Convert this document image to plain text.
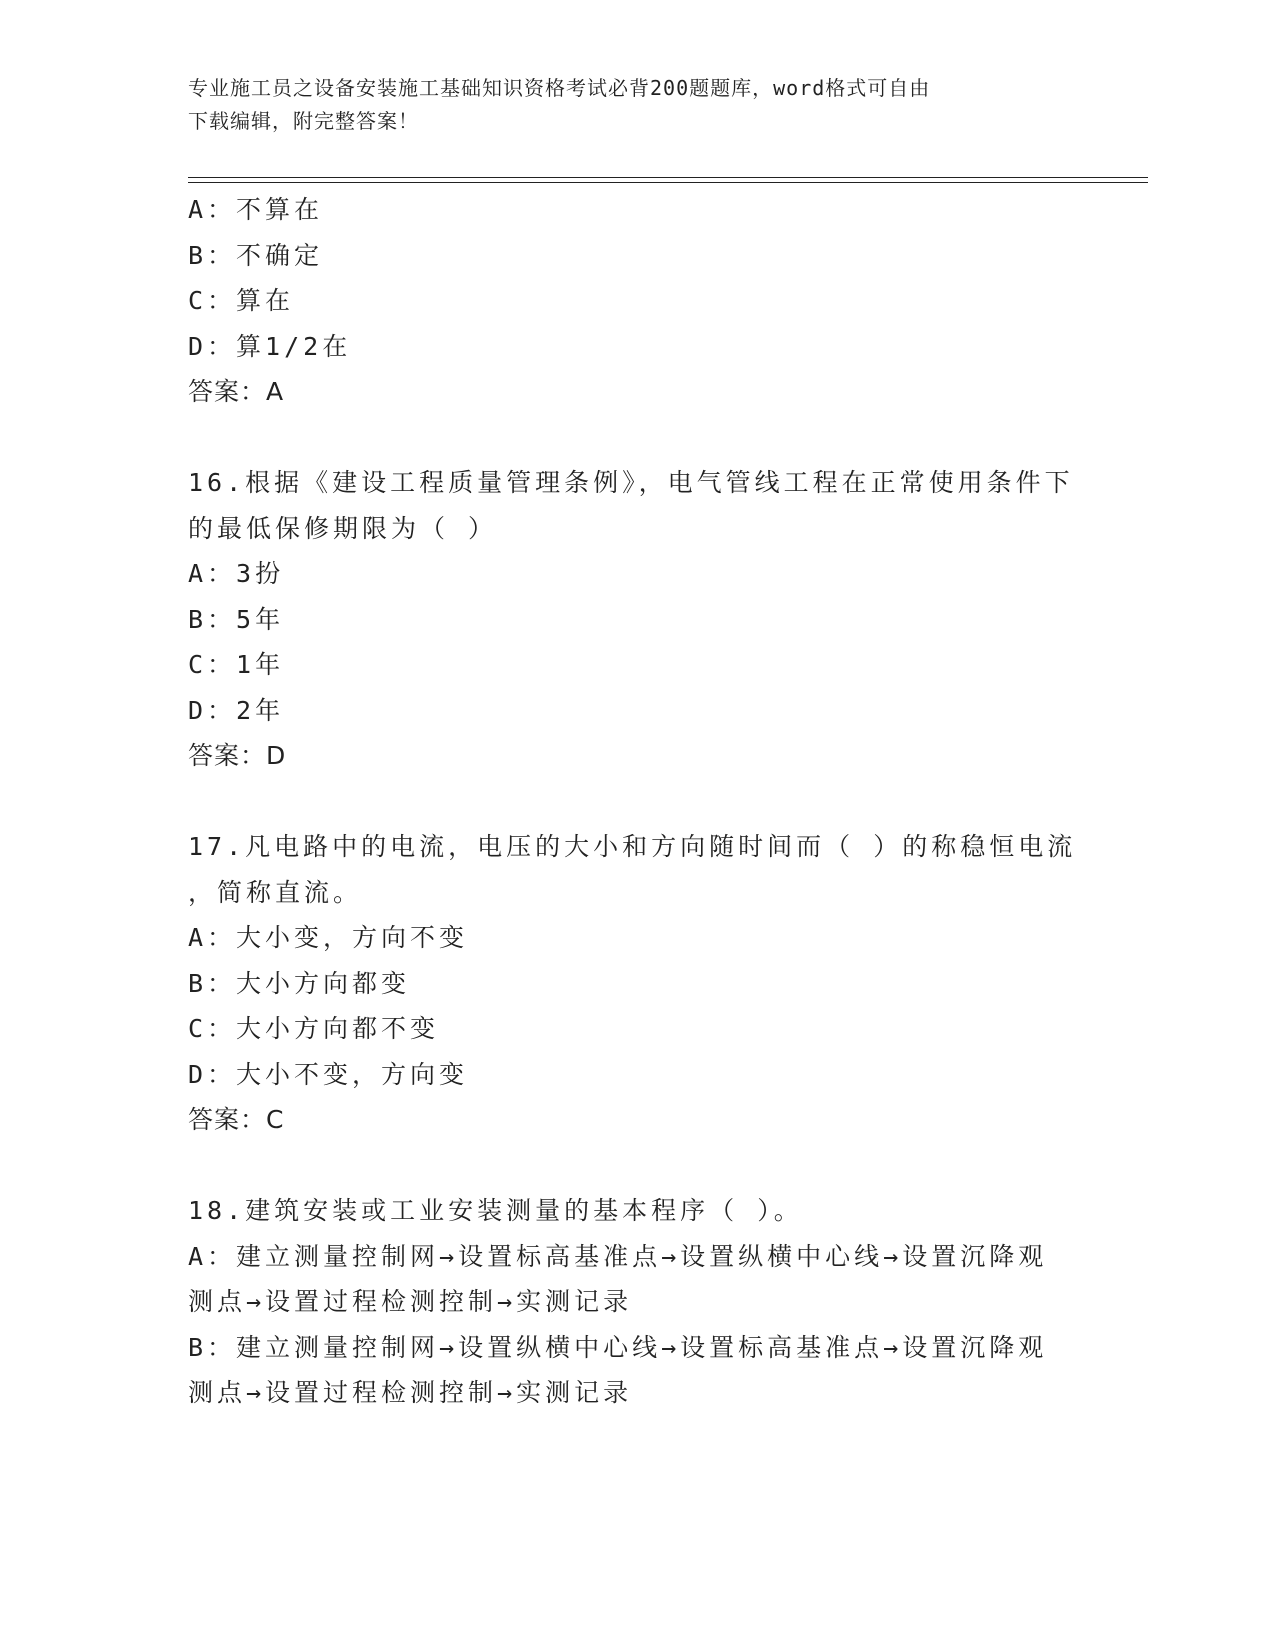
专业施工员之设备安装施工基础知识资格考试必背200题题库，word格式可自由
下载编辑，附完整答案！
A：不算在
B：不确定
C：算在
D：算1/2在
答案：A
16.根据《建设工程质量管理条例》，电气管线工程在正常使用条件下
的最低保修期限为（ ）
A：3扮
B：5年
C：1年
D：2年
答案：D
17.凡电路中的电流，电压的大小和方向随时间而（ ）的称稳恒电流
，简称直流。
A：大小变，方向不变
B：大小方向都变
C：大小方向都不变
D：大小不变，方向变
答案：C
18.建筑安装或工业安装测量的基本程序（ ）。
A：建立测量控制网→设置标高基准点→设置纵横中心线→设置沉降观
测点→设置过程检测控制→实测记录
B：建立测量控制网→设置纵横中心线→设置标高基准点→设置沉降观
测点→设置过程检测控制→实测记录
